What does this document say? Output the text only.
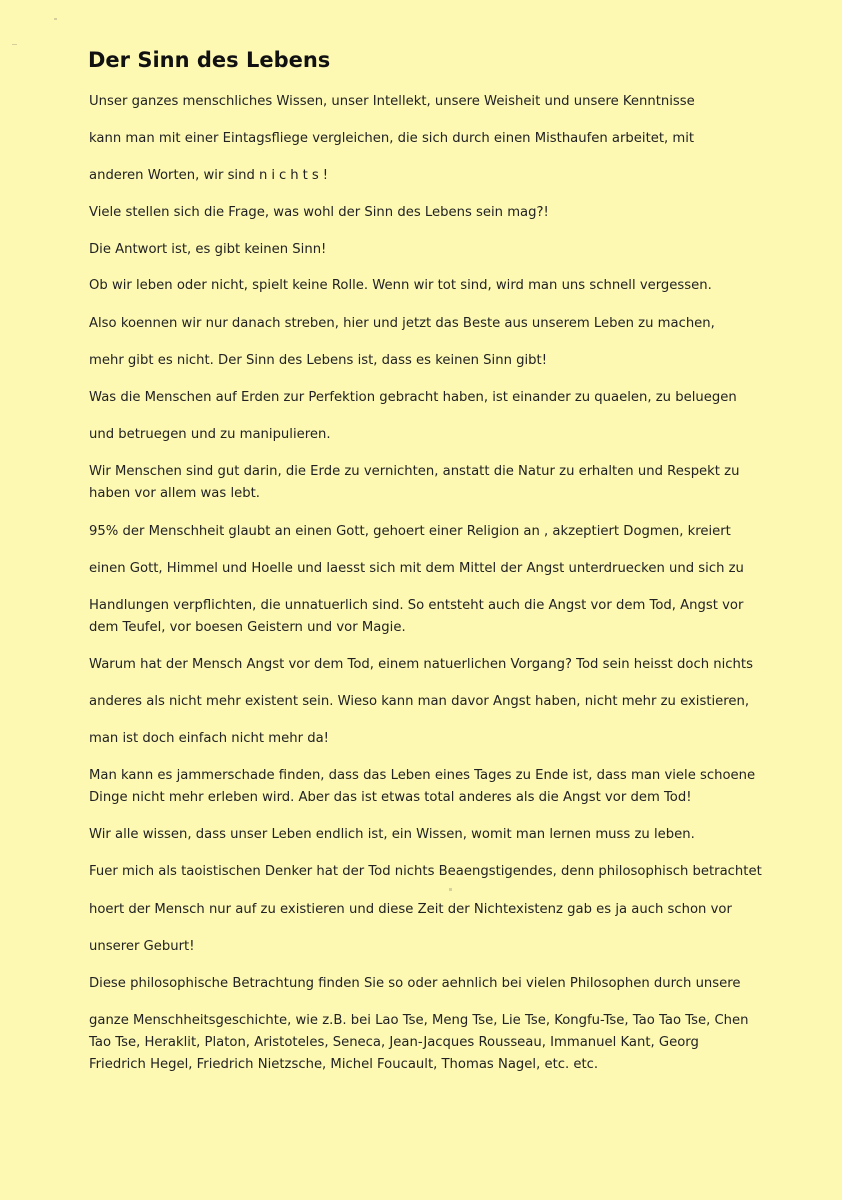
Der Sinn des Lebens
Unser ganzes menschliches Wissen, unser Intellekt, unsere Weisheit und unsere Kenntnisse
kann man mit einer Eintagsfliege vergleichen, die sich durch einen Misthaufen arbeitet, mit
anderen Worten, wir sind nichts!
Viele stellen sich die Frage, was wohl der Sinn des Lebens sein mag?!
Die Antwort ist, es gibt keinen Sinn!
Ob wir leben oder nicht, spielt keine Rolle. Wenn wir tot sind, wird man uns schnell vergessen.
Also koennen wir nur danach streben, hier und jetzt das Beste aus unserem Leben zu machen,
mehr gibt es nicht. Der Sinn des Lebens ist, dass es keinen Sinn gibt!
Was die Menschen auf Erden zur Perfektion gebracht haben, ist einander zu quaelen, zu beluegen
und betruegen und zu manipulieren.
Wir Menschen sind gut darin, die Erde zu vernichten, anstatt die Natur zu erhalten und Respekt zu
haben vor allem was lebt.
95% der Menschheit glaubt an einen Gott, gehoert einer Religion an , akzeptiert Dogmen, kreiert
einen Gott, Himmel und Hoelle und laesst sich mit dem Mittel der Angst unterdruecken und sich zu
Handlungen verpflichten, die unnatuerlich sind. So entsteht auch die Angst vor dem Tod, Angst vor
dem Teufel, vor boesen Geistern und vor Magie.
Warum hat der Mensch Angst vor dem Tod, einem natuerlichen Vorgang? Tod sein heisst doch nichts
anderes als nicht mehr existent sein. Wieso kann man davor Angst haben, nicht mehr zu existieren,
man ist doch einfach nicht mehr da!
Man kann es jammerschade finden, dass das Leben eines Tages zu Ende ist, dass man viele schoene
Dinge nicht mehr erleben wird. Aber das ist etwas total anderes als die Angst vor dem Tod!
Wir alle wissen, dass unser Leben endlich ist, ein Wissen, womit man lernen muss zu leben.
Fuer mich als taoistischen Denker hat der Tod nichts Beaengstigendes, denn philosophisch betrachtet
hoert der Mensch nur auf zu existieren und diese Zeit der Nichtexistenz gab es ja auch schon vor
unserer Geburt!
Diese philosophische Betrachtung finden Sie so oder aehnlich bei vielen Philosophen durch unsere
ganze Menschheitsgeschichte, wie z.B. bei Lao Tse, Meng Tse, Lie Tse, Kongfu-Tse, Tao Tao Tse, Chen
Tao Tse, Heraklit, Platon, Aristoteles, Seneca, Jean-Jacques Rousseau, Immanuel Kant, Georg
Friedrich Hegel, Friedrich Nietzsche, Michel Foucault, Thomas Nagel, etc. etc.
